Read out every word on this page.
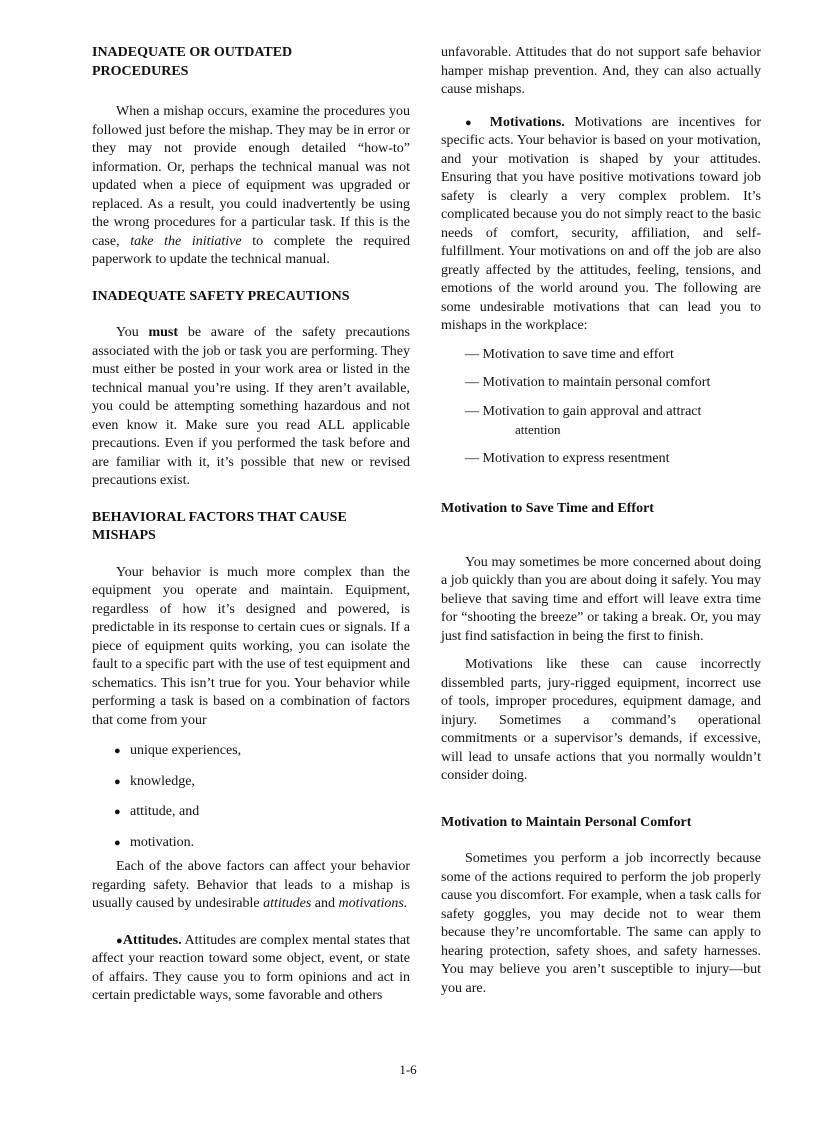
INADEQUATE OR OUTDATED PROCEDURES

When a mishap occurs, examine the procedures you followed just before the mishap. They may be in error or they may not provide enough detailed “how-to” information. Or, perhaps the technical manual was not updated when a piece of equipment was upgraded or replaced. As a result, you could inadvertently be using the wrong procedures for a particular task. If this is the case, take the initiative to complete the required paperwork to update the technical manual.

INADEQUATE SAFETY PRECAUTIONS

You must be aware of the safety precautions associated with the job or task you are performing. They must either be posted in your work area or listed in the technical manual you’re using. If they aren’t available, you could be attempting something hazardous and not even know it. Make sure you read ALL applicable precautions. Even if you performed the task before and are familiar with it, it’s possible that new or revised precautions exist.

BEHAVIORAL FACTORS THAT CAUSE MISHAPS

Your behavior is much more complex than the equipment you operate and maintain. Equipment, regardless of how it’s designed and powered, is predictable in its response to certain cues or signals. If a piece of equipment quits working, you can isolate the fault to a specific part with the use of test equipment and schematics. This isn’t true for you. Your behavior while performing a task is based on a combination of factors that come from your

● unique experiences,
● knowledge,
● attitude, and
● motivation.

Each of the above factors can affect your behavior regarding safety. Behavior that leads to a mishap is usually caused by undesirable attitudes and motivations.

●Attitudes. Attitudes are complex mental states that affect your reaction toward some object, event, or state of affairs. They cause you to form opinions and act in certain predictable ways, some favorable and others

unfavorable. Attitudes that do not support safe behavior hamper mishap prevention. And, they can also actually cause mishaps.

● Motivations. Motivations are incentives for specific acts. Your behavior is based on your motivation, and your motivation is shaped by your attitudes. Ensuring that you have positive motivations toward job safety is clearly a very complex problem. It’s complicated because you do not simply react to the basic needs of comfort, security, affiliation, and self-fulfillment. Your motivations on and off the job are also greatly affected by the attitudes, feeling, tensions, and emotions of the world around you. The following are some undesirable motivations that can lead you to mishaps in the workplace:

— Motivation to save time and effort
— Motivation to maintain personal comfort
— Motivation to gain approval and attract
attention
— Motivation to express resentment
Motivation to Save Time and Effort

You may sometimes be more concerned about doing a job quickly than you are about doing it safely. You may believe that saving time and effort will leave extra time for “shooting the breeze” or taking a break. Or, you may just find satisfaction in being the first to finish.

Motivations like these can cause incorrectly dissembled parts, jury-rigged equipment, incorrect use of tools, improper procedures, equipment damage, and injury. Sometimes a command’s operational commitments or a supervisor’s demands, if excessive, will lead to unsafe actions that you normally wouldn’t consider doing.

Motivation to Maintain Personal Comfort

Sometimes you perform a job incorrectly because some of the actions required to perform the job properly cause you discomfort. For example, when a task calls for safety goggles, you may decide not to wear them because they’re uncomfortable. The same can apply to hearing protection, safety shoes, and safety harnesses. You may believe you aren’t susceptible to injury—but you are.

1-6
